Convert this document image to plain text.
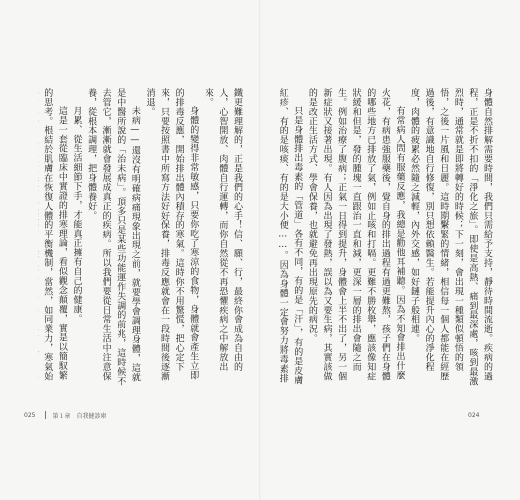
身體自然排解需要時間，我們只需給予支持，靜待時間流逝。疾病的過程，正是不折不扣的「淨化之旅」。即使是高熱、痛到最深處，咳到最激烈時，通常就是即將轉好的時候；下一刻，會出現一種類似頓悟的領悟，之後一片風和日麗。這時期繫緊的情緒，相信每一個人都能在經歷過後，有意識地自行修復，別只想依賴醫生。若能提升內心的淨化程度，肉體的疲累必然隨之減輕，內外交感，如好鏈子般相連。

有常病人問有服藥反應，我總是勸他耳補聽。因為不知會排出什麼火花，有病患強服藥後，覺自身的排出過程有過更難熬，孩子們在身體的哪些地方已排放了氣，例如止咳和打嗝。更難不勝枚舉，應該像知症狀緩和但是，發的腫塊一直跟治一直和減，更深一層的排出會隨之而生。例如治療了腹病；正氣一日得到提升，身體會上半不出了，另一個新症狀又接著出現。有人因為出現了發熱，誤以為又要生病，其實該做的是改正生活方式、學會保養，也就避免再出現原先的病況。

只是身體排出毒素的「管道」各有不同，有的是「汗」，有的是皮膚紅疹、有的是咳痰、有的是大小便……。因為身體一定會努力將毒素排

鐵更難理解的，正是我們的心手！信、願、行，最終你會成為自由的人，心智開放、肉體自行運轉，而你自然從不再恐懼疾病之中解放出來。

身體的變得非常敏感，只要你吃了寒涼的食物，身體就會產生立即的排毒反應，開始排出體內積存的寒氣。這時你不用驚慌，把心定下來，只要按照書中所寫方法好好保養，排毒反應就會在一段時間後逐漸消退。

未病——還沒有明確病痛現象出現之前，就要學會調理身體，這就是中醫所說的「治未病」。頂多只是某些功能運作失調的前兆，這時候不去管它，漸漸就會發展成真正的疾病。所以我們要從日常生活中注意保養，從根本調理，把身體養好。

月累、從生活細節下手，才能真正擁有自己的健康。

這是一套從臨床中實證的排寒理論，看似觀念顛覆，實是以簡馭繁的思考。根結於肌膚在恢復人體的平衡機制，當然，如同業力，寒氣始

025	第１章 自我健診庫	024
